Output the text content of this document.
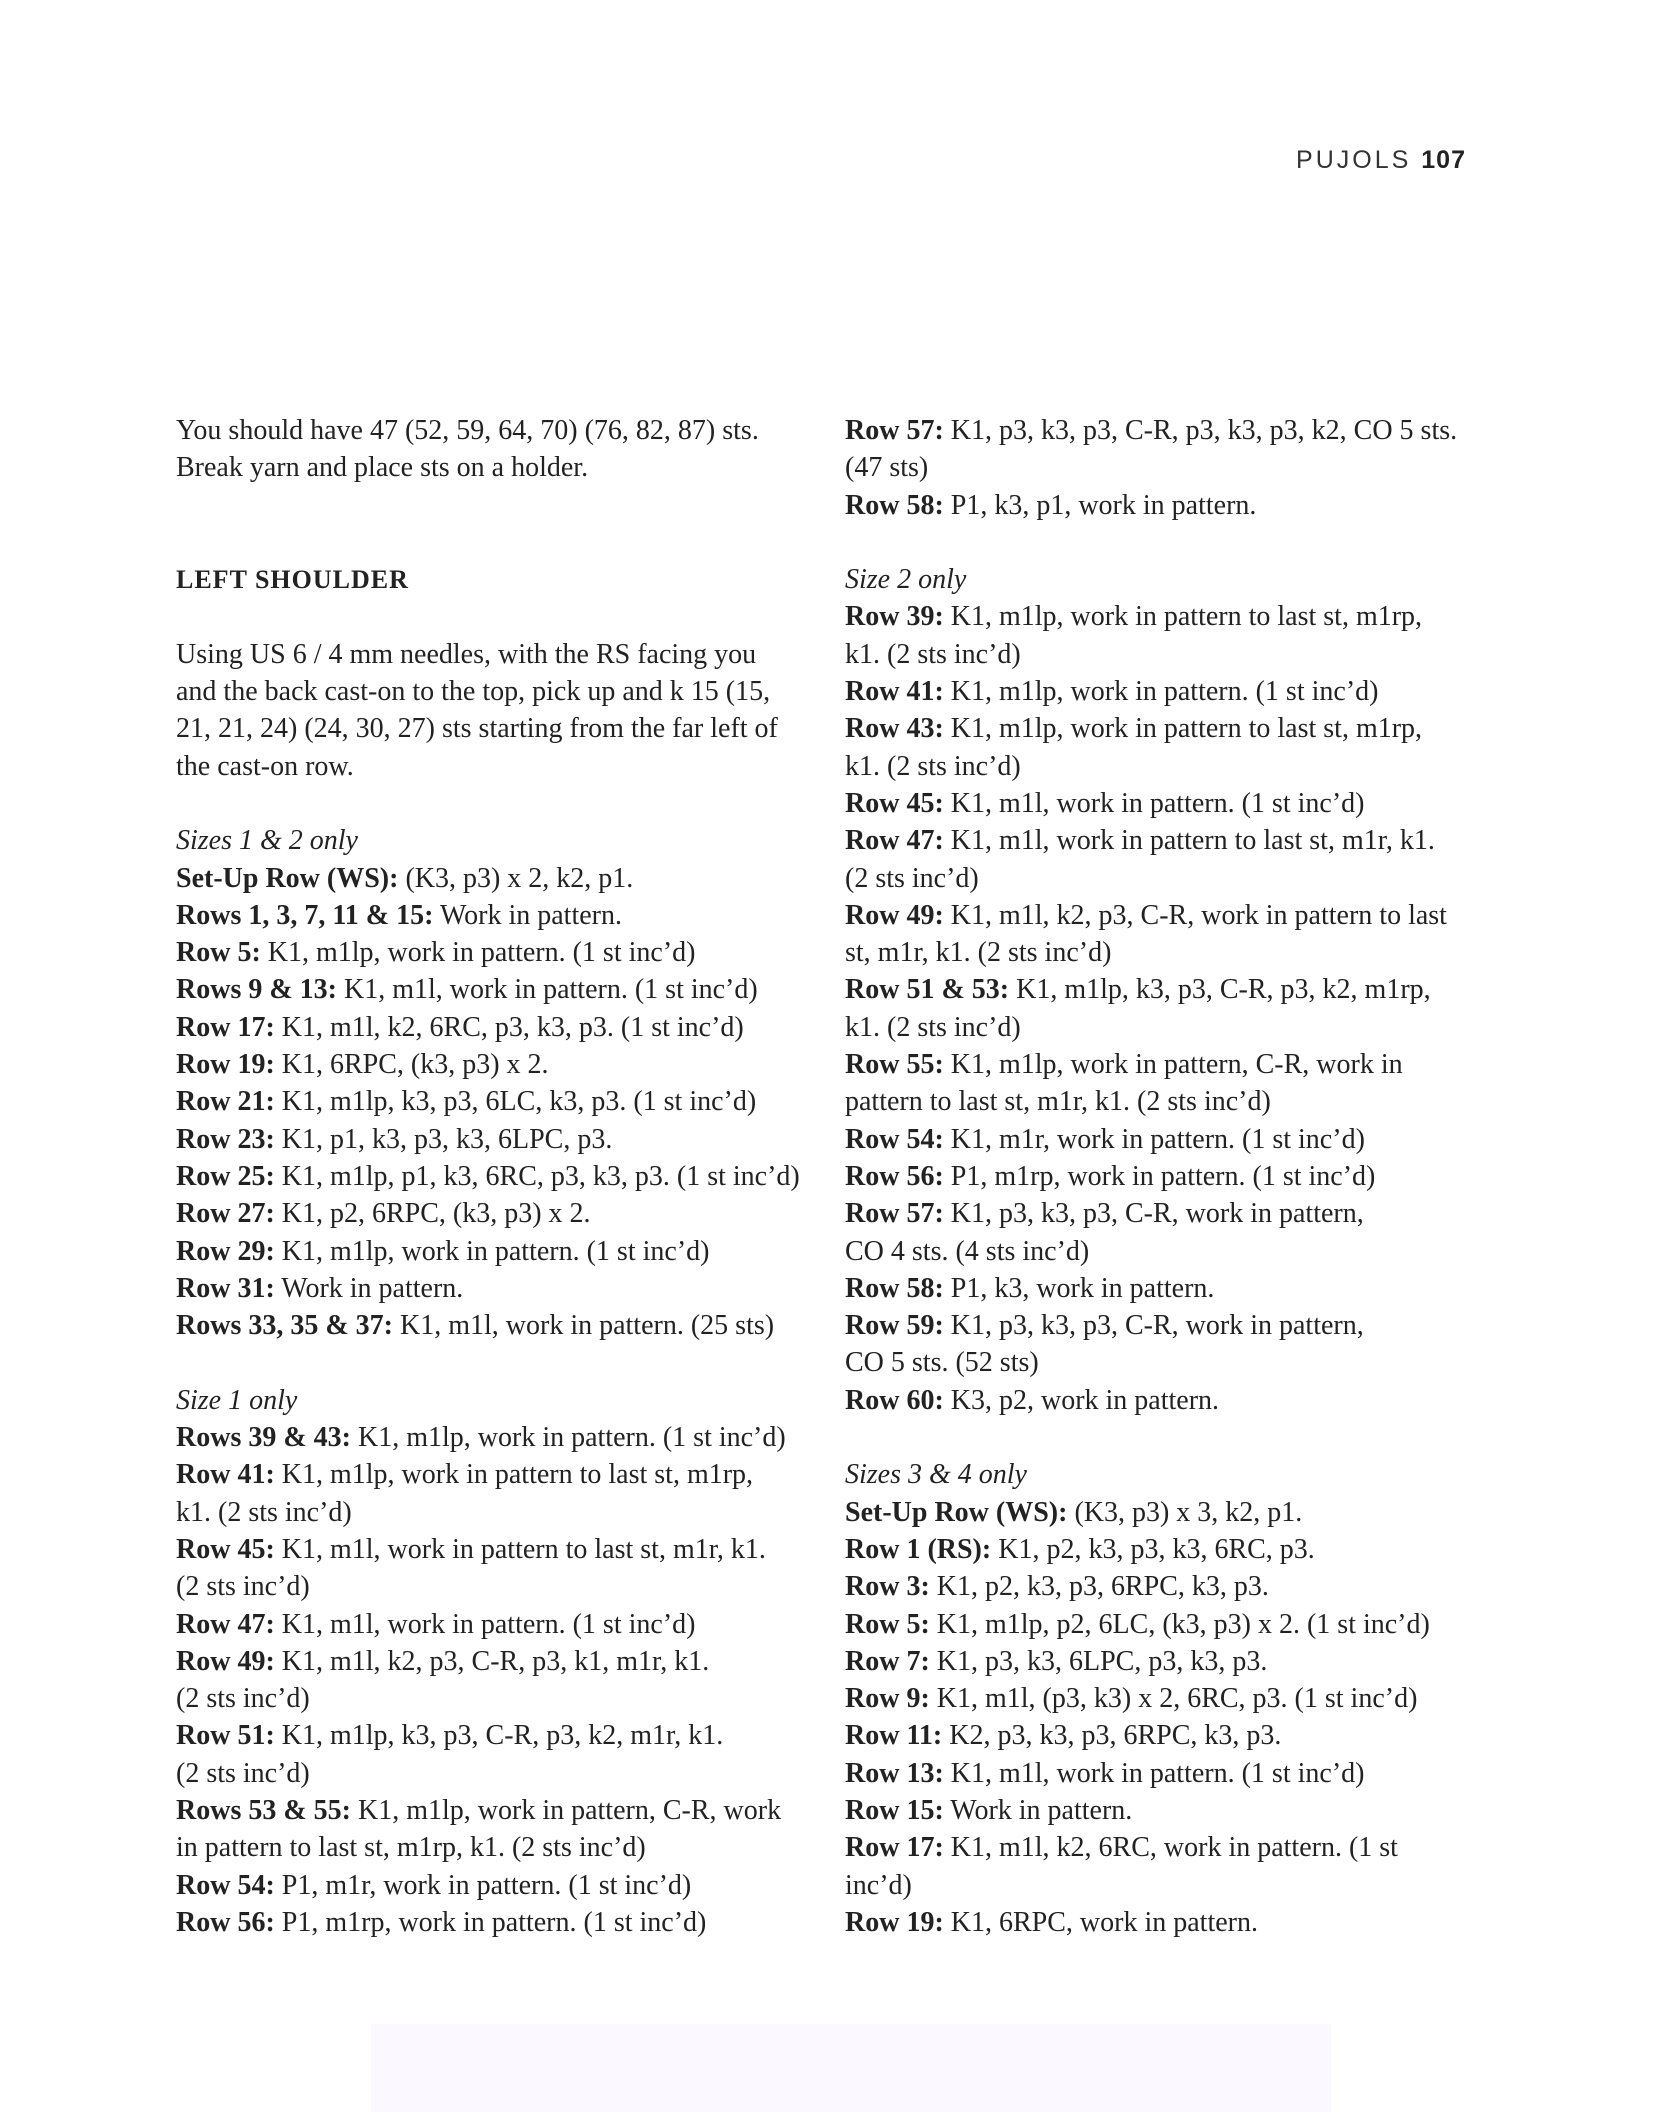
PUJOLS 107

You should have 47 (52, 59, 64, 70) (76, 82, 87) sts.

Break yarn and place sts on a holder.

LEFT SHOULDER

Using US 6 / 4 mm needles, with the RS facing you

and the back cast-on to the top, pick up and k 15 (15,

21, 21, 24) (24, 30, 27) sts starting from the far left of

the cast-on row.

Sizes 1 & 2 only

Set-Up Row (WS): (K3, p3) x 2, k2, p1.

Rows 1, 3, 7, 11 & 15: Work in pattern.

Row 5: K1, m1lp, work in pattern. (1 st inc’d)

Rows 9 & 13: K1, m1l, work in pattern. (1 st inc’d)

Row 17: K1, m1l, k2, 6RC, p3, k3, p3. (1 st inc’d)

Row 19: K1, 6RPC, (k3, p3) x 2.

Row 21: K1, m1lp, k3, p3, 6LC, k3, p3. (1 st inc’d)

Row 23: K1, p1, k3, p3, k3, 6LPC, p3.

Row 25: K1, m1lp, p1, k3, 6RC, p3, k3, p3. (1 st inc’d)

Row 27: K1, p2, 6RPC, (k3, p3) x 2.

Row 29: K1, m1lp, work in pattern. (1 st inc’d)

Row 31: Work in pattern.

Rows 33, 35 & 37: K1, m1l, work in pattern. (25 sts)

Size 1 only

Rows 39 & 43: K1, m1lp, work in pattern. (1 st inc’d)

Row 41: K1, m1lp, work in pattern to last st, m1rp,

k1. (2 sts inc’d)

Row 45: K1, m1l, work in pattern to last st, m1r, k1.

(2 sts inc’d)

Row 47: K1, m1l, work in pattern. (1 st inc’d)

Row 49: K1, m1l, k2, p3, C-R, p3, k1, m1r, k1.

(2 sts inc’d)

Row 51: K1, m1lp, k3, p3, C-R, p3, k2, m1r, k1.

(2 sts inc’d)

Rows 53 & 55: K1, m1lp, work in pattern, C-R, work

in pattern to last st, m1rp, k1. (2 sts inc’d)

Row 54: P1, m1r, work in pattern. (1 st inc’d)

Row 56: P1, m1rp, work in pattern. (1 st inc’d)

Row 57: K1, p3, k3, p3, C-R, p3, k3, p3, k2, CO 5 sts.

(47 sts)

Row 58: P1, k3, p1, work in pattern.

Size 2 only

Row 39: K1, m1lp, work in pattern to last st, m1rp,

k1. (2 sts inc’d)

Row 41: K1, m1lp, work in pattern. (1 st inc’d)

Row 43: K1, m1lp, work in pattern to last st, m1rp,

k1. (2 sts inc’d)

Row 45: K1, m1l, work in pattern. (1 st inc’d)

Row 47: K1, m1l, work in pattern to last st, m1r, k1.

(2 sts inc’d)

Row 49: K1, m1l, k2, p3, C-R, work in pattern to last

st, m1r, k1. (2 sts inc’d)

Row 51 & 53: K1, m1lp, k3, p3, C-R, p3, k2, m1rp,

k1. (2 sts inc’d)

Row 55: K1, m1lp, work in pattern, C-R, work in

pattern to last st, m1r, k1. (2 sts inc’d)

Row 54: K1, m1r, work in pattern. (1 st inc’d)

Row 56: P1, m1rp, work in pattern. (1 st inc’d)

Row 57: K1, p3, k3, p3, C-R, work in pattern,

CO 4 sts. (4 sts inc’d)

Row 58: P1, k3, work in pattern.

Row 59: K1, p3, k3, p3, C-R, work in pattern,

CO 5 sts. (52 sts)

Row 60: K3, p2, work in pattern.

Sizes 3 & 4 only

Set-Up Row (WS): (K3, p3) x 3, k2, p1.

Row 1 (RS): K1, p2, k3, p3, k3, 6RC, p3.

Row 3: K1, p2, k3, p3, 6RPC, k3, p3.

Row 5: K1, m1lp, p2, 6LC, (k3, p3) x 2. (1 st inc’d)

Row 7: K1, p3, k3, 6LPC, p3, k3, p3.

Row 9: K1, m1l, (p3, k3) x 2, 6RC, p3. (1 st inc’d)

Row 11: K2, p3, k3, p3, 6RPC, k3, p3.

Row 13: K1, m1l, work in pattern. (1 st inc’d)

Row 15: Work in pattern.

Row 17: K1, m1l, k2, 6RC, work in pattern. (1 st

inc’d)

Row 19: K1, 6RPC, work in pattern.
